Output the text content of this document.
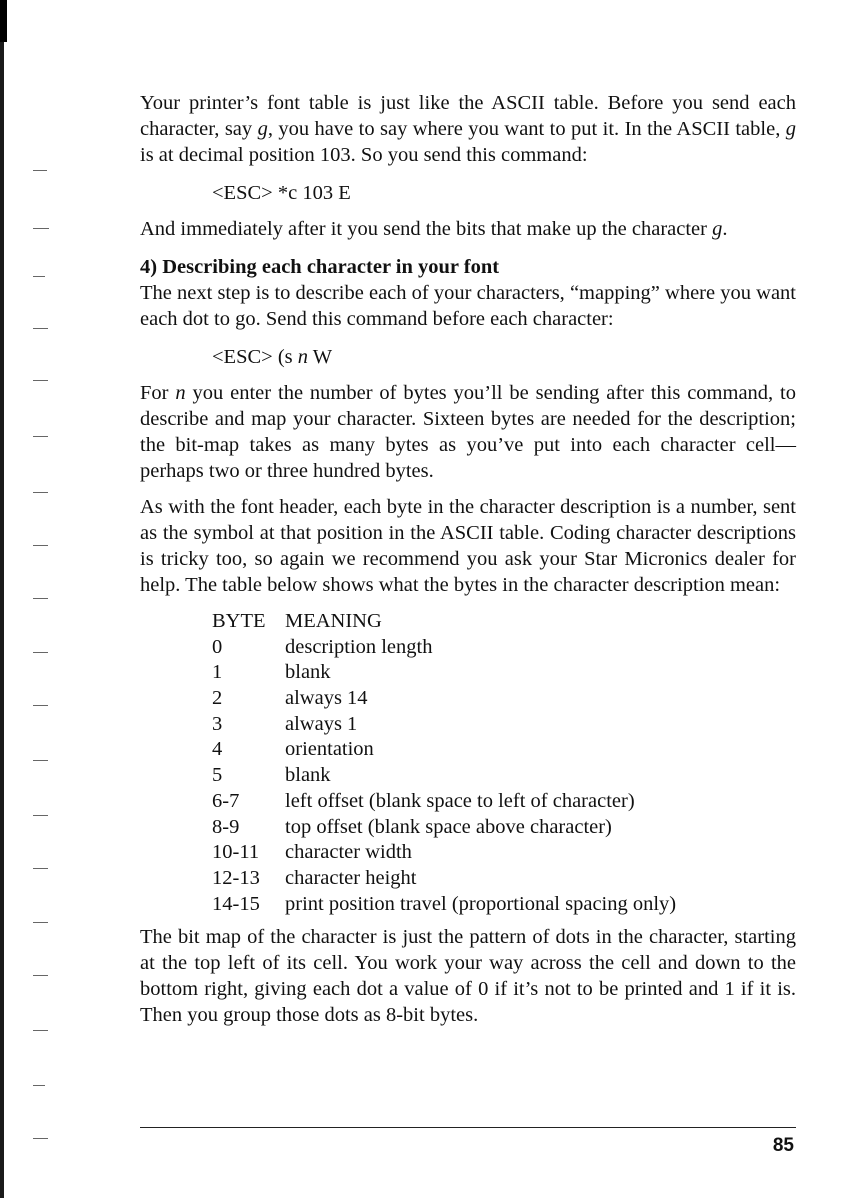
Your printer’s font table is just like the ASCII table. Before you send each character, say g, you have to say where you want to put it. In the ASCII table, g is at decimal position 103. So you send this command:

<ESC> *c 103 E

And immediately after it you send the bits that make up the character g.

4) Describing each character in your font

The next step is to describe each of your characters, “mapping” where you want each dot to go. Send this command before each character:

<ESC> (s n W

For n you enter the number of bytes you’ll be sending after this command, to describe and map your character. Sixteen bytes are needed for the description; the bit-map takes as many bytes as you’ve put into each character cell— perhaps two or three hundred bytes.

As with the font header, each byte in the character description is a number, sent as the symbol at that position in the ASCII table. Coding character descriptions is tricky too, so again we recommend you ask your Star Micronics dealer for help. The table below shows what the bytes in the character description mean:

BYTE MEANING
0	description length
1	blank
2	always 14
3	always 1
4	orientation
5	blank
6-7	left offset (blank space to left of character)
8-9	top offset (blank space above character)
10-11	character width
12-13	character height
14-15	print position travel (proportional spacing only)

The bit map of the character is just the pattern of dots in the character, starting at the top left of its cell. You work your way across the cell and down to the bottom right, giving each dot a value of 0 if it’s not to be printed and 1 if it is. Then you group those dots as 8-bit bytes.

85
